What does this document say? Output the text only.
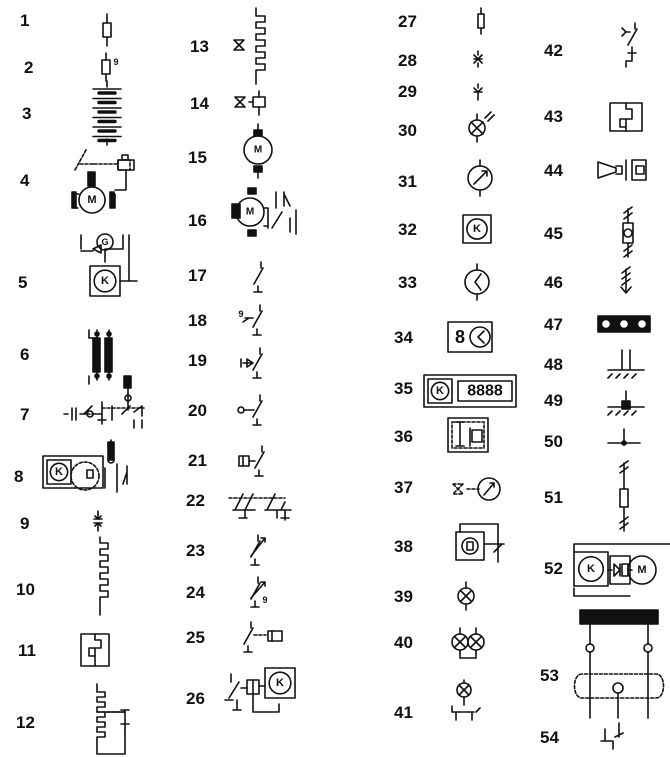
9
M
G
K
K
M
M
9
9
K
K
8
K 8888
K	M
1
2
3
4
5
6
7
8
9
10
11
12
13
14
15
16
17
18
19
20
21
22
23
24
25
26
27
28
29
30
31
32
33
34
35
36
37
38
39
40
41
42
43
44
45
46
47
48
49
50
51
52
53
54
